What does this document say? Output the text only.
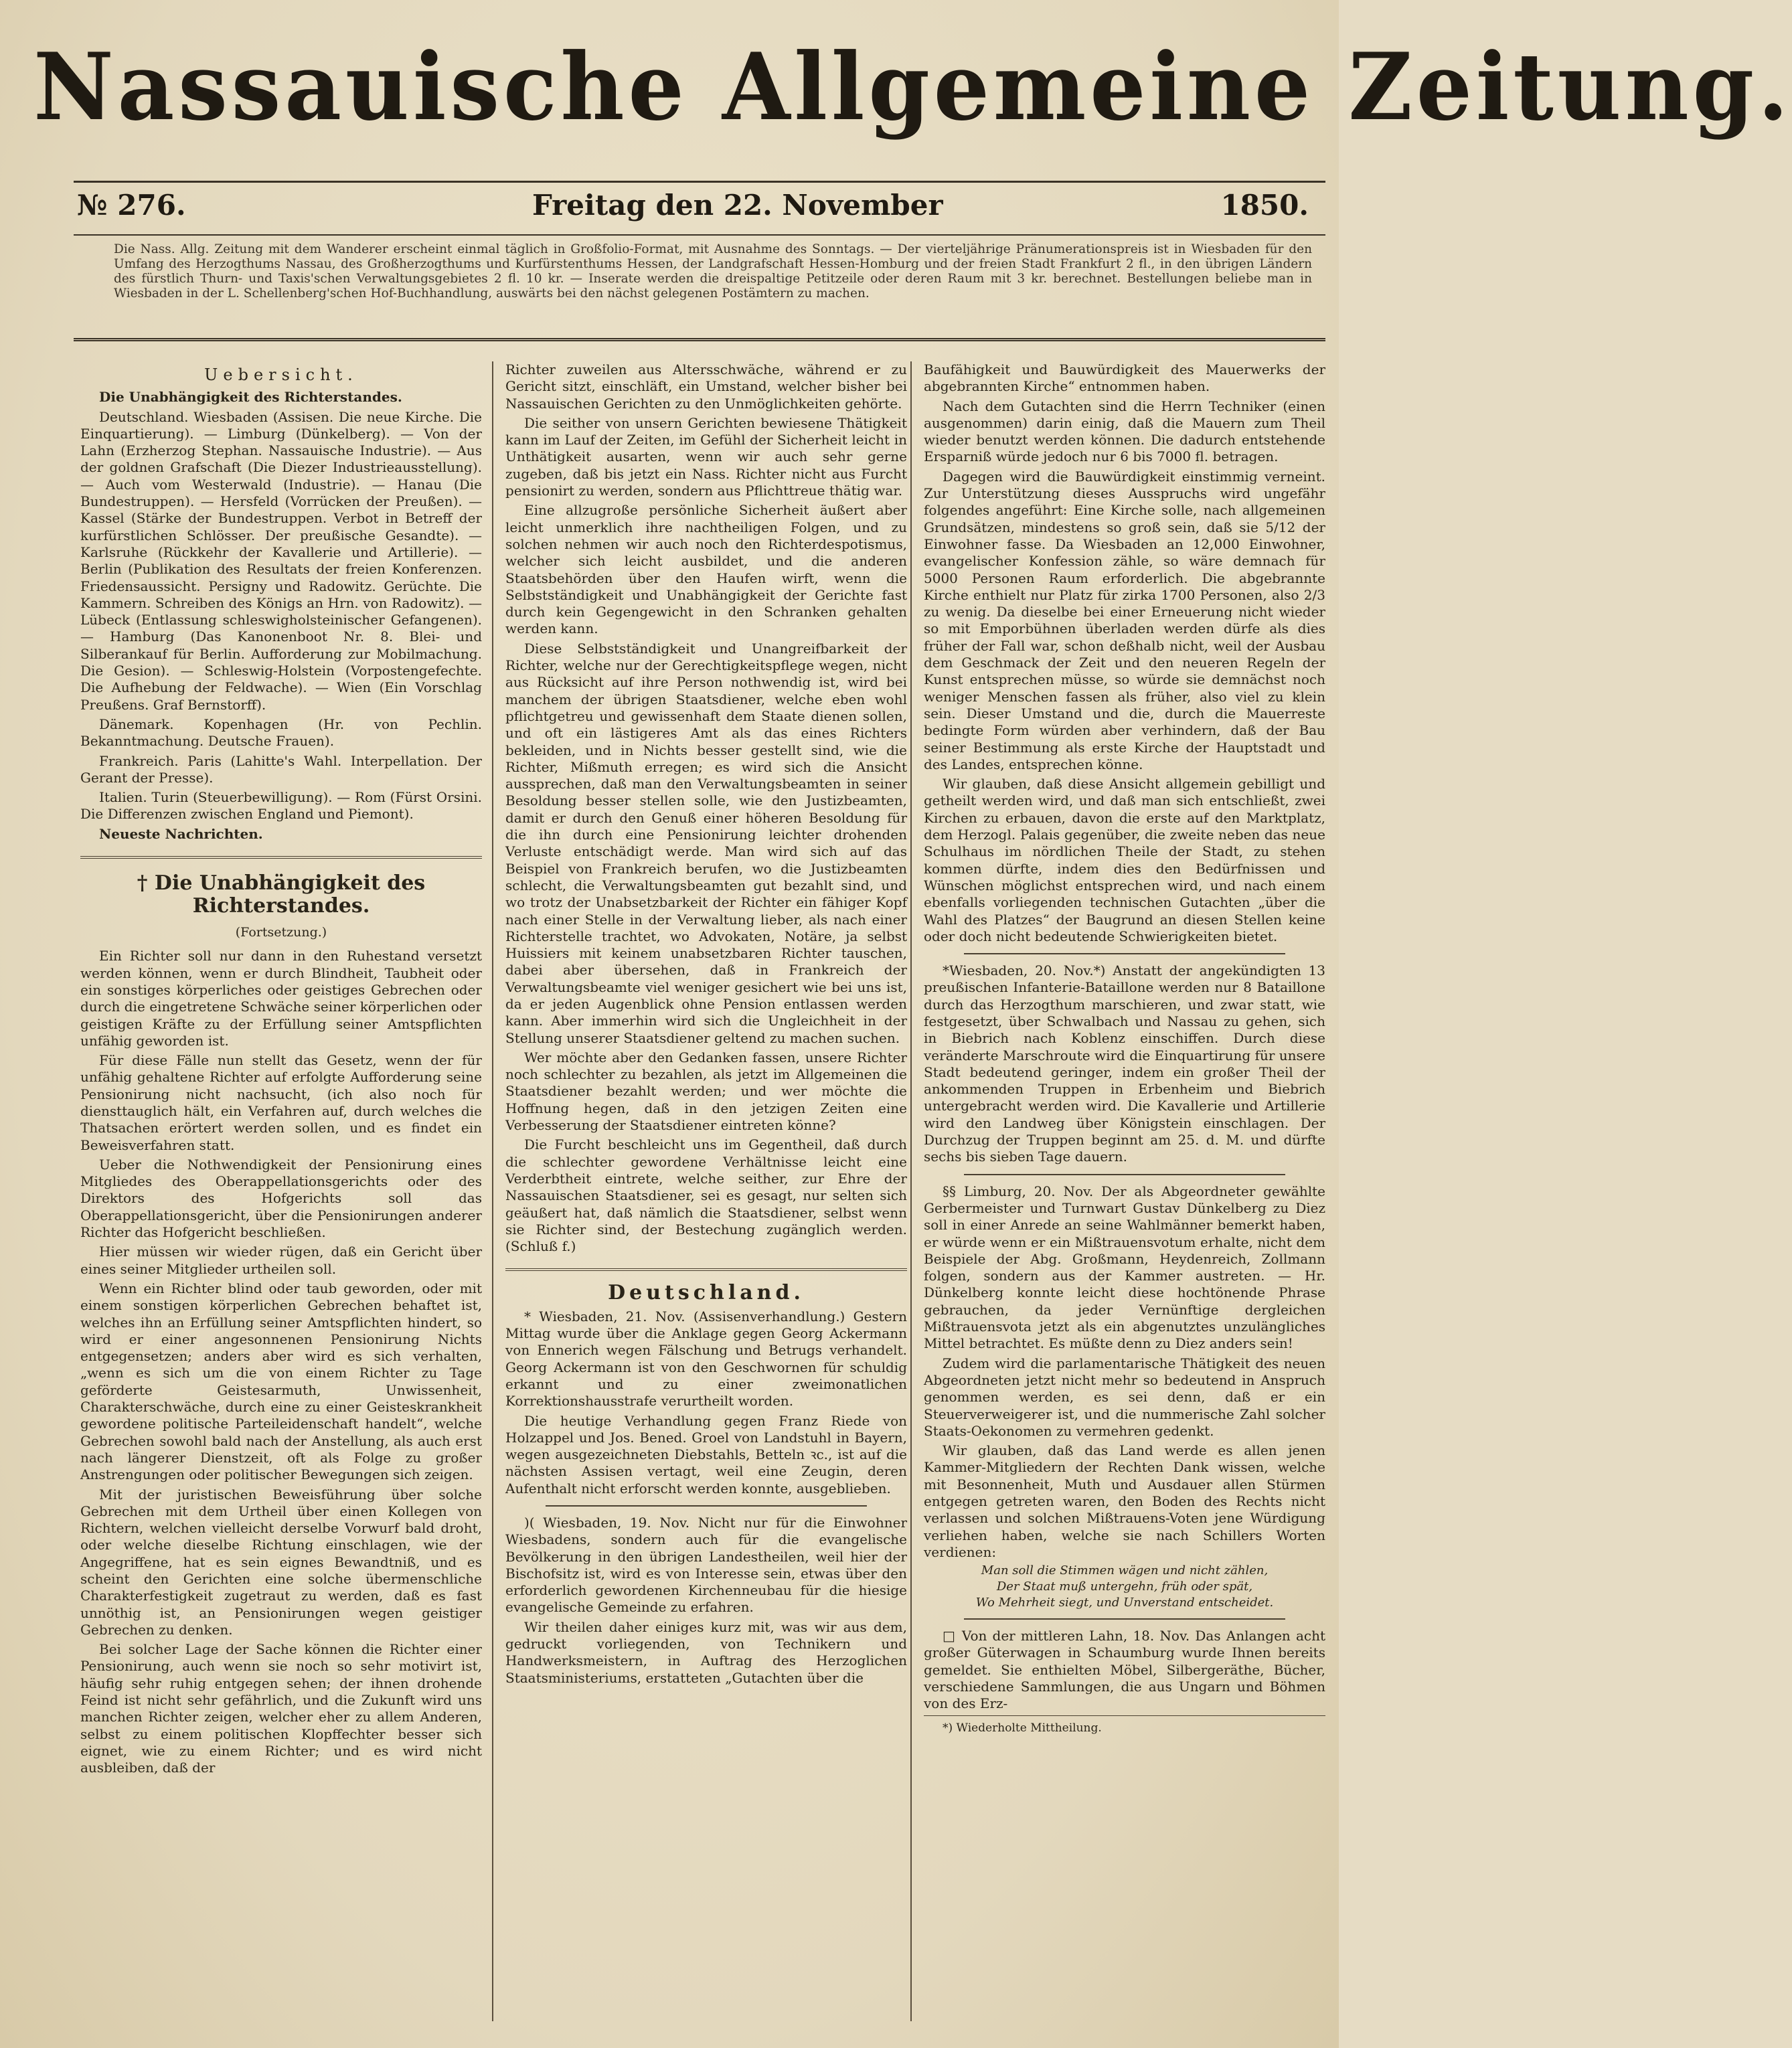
Nassauische Allgemeine Zeitung.
№ 276.	Freitag den 22. November	1850.
Die Nass. Allg. Zeitung mit dem Wanderer erscheint einmal täglich in Großfolio-Format, mit Ausnahme des Sonntags. — Der vierteljährige Pränumerationspreis ist in Wiesbaden für den Umfang des Herzogthums Nassau, des Großherzogthums und Kurfürstenthums Hessen, der Landgrafschaft Hessen-Homburg und der freien Stadt Frankfurt 2 fl., in den übrigen Ländern des fürstlich Thurn- und Taxis'schen Verwaltungsgebietes 2 fl. 10 kr. — Inserate werden die dreispaltige Petitzeile oder deren Raum mit 3 kr. berechnet. Bestellungen beliebe man in Wiesbaden in der L. Schellenberg'schen Hof-Buchhandlung, auswärts bei den nächst gelegenen Postämtern zu machen.
Uebersicht.

Die Unabhängigkeit des Richterstandes.

Deutschland. Wiesbaden (Assisen. Die neue Kirche. Die Einquartierung). — Limburg (Dünkelberg). — Von der Lahn (Erzherzog Stephan. Nassauische Industrie). — Aus der goldnen Grafschaft (Die Diezer Industrieausstellung). — Auch vom Westerwald (Industrie). — Hanau (Die Bundestruppen). — Hersfeld (Vorrücken der Preußen). — Kassel (Stärke der Bundestruppen. Verbot in Betreff der kurfürstlichen Schlösser. Der preußische Gesandte). — Karlsruhe (Rückkehr der Kavallerie und Artillerie). — Berlin (Publikation des Resultats der freien Konferenzen. Friedensaussicht. Persigny und Radowitz. Gerüchte. Die Kammern. Schreiben des Königs an Hrn. von Radowitz). — Lübeck (Entlassung schleswigholsteinischer Gefangenen). — Hamburg (Das Kanonenboot Nr. 8. Blei- und Silberankauf für Berlin. Aufforderung zur Mobilmachung. Die Gesion). — Schleswig-Holstein (Vorpostengefechte. Die Aufhebung der Feldwache). — Wien (Ein Vorschlag Preußens. Graf Bernstorff).

Dänemark. Kopenhagen (Hr. von Pechlin. Bekanntmachung. Deutsche Frauen).

Frankreich. Paris (Lahitte's Wahl. Interpellation. Der Gerant der Presse).

Italien. Turin (Steuerbewilligung). — Rom (Fürst Orsini. Die Differenzen zwischen England und Piemont).

Neueste Nachrichten.

† Die Unabhängigkeit des Richterstandes.
(Fortsetzung.)

Ein Richter soll nur dann in den Ruhestand versetzt werden können, wenn er durch Blindheit, Taubheit oder ein sonstiges körperliches oder geistiges Gebrechen oder durch die eingetretene Schwäche seiner körperlichen oder geistigen Kräfte zu der Erfüllung seiner Amtspflichten unfähig geworden ist.

Für diese Fälle nun stellt das Gesetz, wenn der für unfähig gehaltene Richter auf erfolgte Aufforderung seine Pensionirung nicht nachsucht, (ich also noch für diensttauglich hält, ein Verfahren auf, durch welches die Thatsachen erörtert werden sollen, und es findet ein Beweisverfahren statt.

Ueber die Nothwendigkeit der Pensionirung eines Mitgliedes des Oberappellationsgerichts oder des Direktors des Hofgerichts soll das Oberappellationsgericht, über die Pensionirungen anderer Richter das Hofgericht beschließen.

Hier müssen wir wieder rügen, daß ein Gericht über eines seiner Mitglieder urtheilen soll.

Wenn ein Richter blind oder taub geworden, oder mit einem sonstigen körperlichen Gebrechen behaftet ist, welches ihn an Erfüllung seiner Amtspflichten hindert, so wird er einer angesonnenen Pensionirung Nichts entgegensetzen; anders aber wird es sich verhalten, „wenn es sich um die von einem Richter zu Tage geförderte Geistesarmuth, Unwissenheit, Charakterschwäche, durch eine zu einer Geisteskrankheit gewordene politische Parteileidenschaft handelt“, welche Gebrechen sowohl bald nach der Anstellung, als auch erst nach längerer Dienstzeit, oft als Folge zu großer Anstrengungen oder politischer Bewegungen sich zeigen.

Mit der juristischen Beweisführung über solche Gebrechen mit dem Urtheil über einen Kollegen von Richtern, welchen vielleicht derselbe Vorwurf bald droht, oder welche dieselbe Richtung einschlagen, wie der Angegriffene, hat es sein eignes Bewandtniß, und es scheint den Gerichten eine solche übermenschliche Charakterfestigkeit zugetraut zu werden, daß es fast unnöthig ist, an Pensionirungen wegen geistiger Gebrechen zu denken.

Bei solcher Lage der Sache können die Richter einer Pensionirung, auch wenn sie noch so sehr motivirt ist, häufig sehr ruhig entgegen sehen; der ihnen drohende Feind ist nicht sehr gefährlich, und die Zukunft wird uns manchen Richter zeigen, welcher eher zu allem Anderen, selbst zu einem politischen Klopffechter besser sich eignet, wie zu einem Richter; und es wird nicht ausbleiben, daß der

Richter zuweilen aus Altersschwäche, während er zu Gericht sitzt, einschläft, ein Umstand, welcher bisher bei Nassauischen Gerichten zu den Unmöglichkeiten gehörte.

Die seither von unsern Gerichten bewiesene Thätigkeit kann im Lauf der Zeiten, im Gefühl der Sicherheit leicht in Unthätigkeit ausarten, wenn wir auch sehr gerne zugeben, daß bis jetzt ein Nass. Richter nicht aus Furcht pensionirt zu werden, sondern aus Pflichttreue thätig war.

Eine allzugroße persönliche Sicherheit äußert aber leicht unmerklich ihre nachtheiligen Folgen, und zu solchen nehmen wir auch noch den Richterdespotismus, welcher sich leicht ausbildet, und die anderen Staatsbehörden über den Haufen wirft, wenn die Selbstständigkeit und Unabhängigkeit der Gerichte fast durch kein Gegengewicht in den Schranken gehalten werden kann.

Diese Selbstständigkeit und Unangreifbarkeit der Richter, welche nur der Gerechtigkeitspflege wegen, nicht aus Rücksicht auf ihre Person nothwendig ist, wird bei manchem der übrigen Staatsdiener, welche eben wohl pflichtgetreu und gewissenhaft dem Staate dienen sollen, und oft ein lästigeres Amt als das eines Richters bekleiden, und in Nichts besser gestellt sind, wie die Richter, Mißmuth erregen; es wird sich die Ansicht aussprechen, daß man den Verwaltungsbeamten in seiner Besoldung besser stellen solle, wie den Justizbeamten, damit er durch den Genuß einer höheren Besoldung für die ihn durch eine Pensionirung leichter drohenden Verluste entschädigt werde. Man wird sich auf das Beispiel von Frankreich berufen, wo die Justizbeamten schlecht, die Verwaltungsbeamten gut bezahlt sind, und wo trotz der Unabsetzbarkeit der Richter ein fähiger Kopf nach einer Stelle in der Verwaltung lieber, als nach einer Richterstelle trachtet, wo Advokaten, Notäre, ja selbst Huissiers mit keinem unabsetzbaren Richter tauschen, dabei aber übersehen, daß in Frankreich der Verwaltungsbeamte viel weniger gesichert wie bei uns ist, da er jeden Augenblick ohne Pension entlassen werden kann. Aber immerhin wird sich die Ungleichheit in der Stellung unserer Staatsdiener geltend zu machen suchen.

Wer möchte aber den Gedanken fassen, unsere Richter noch schlechter zu bezahlen, als jetzt im Allgemeinen die Staatsdiener bezahlt werden; und wer möchte die Hoffnung hegen, daß in den jetzigen Zeiten eine Verbesserung der Staatsdiener eintreten könne?

Die Furcht beschleicht uns im Gegentheil, daß durch die schlechter gewordene Verhältnisse leicht eine Verderbtheit eintrete, welche seither, zur Ehre der Nassauischen Staatsdiener, sei es gesagt, nur selten sich geäußert hat, daß nämlich die Staatsdiener, selbst wenn sie Richter sind, der Bestechung zugänglich werden. (Schluß f.)

Deutschland.

* Wiesbaden, 21. Nov. (Assisenverhandlung.) Gestern Mittag wurde über die Anklage gegen Georg Ackermann von Ennerich wegen Fälschung und Betrugs verhandelt. Georg Ackermann ist von den Geschwornen für schuldig erkannt und zu einer zweimonatlichen Korrektionshausstrafe verurtheilt worden.

Die heutige Verhandlung gegen Franz Riede von Holzappel und Jos. Bened. Groel von Landstuhl in Bayern, wegen ausgezeichneten Diebstahls, Betteln ꝛc., ist auf die nächsten Assisen vertagt, weil eine Zeugin, deren Aufenthalt nicht erforscht werden konnte, ausgeblieben.

)( Wiesbaden, 19. Nov. Nicht nur für die Einwohner Wiesbadens, sondern auch für die evangelische Bevölkerung in den übrigen Landestheilen, weil hier der Bischofsitz ist, wird es von Interesse sein, etwas über den erforderlich gewordenen Kirchenneubau für die hiesige evangelische Gemeinde zu erfahren.

Wir theilen daher einiges kurz mit, was wir aus dem, gedruckt vorliegenden, von Technikern und Handwerksmeistern, in Auftrag des Herzoglichen Staatsministeriums, erstatteten „Gutachten über die

Baufähigkeit und Bauwürdigkeit des Mauerwerks der abgebrannten Kirche“ entnommen haben.

Nach dem Gutachten sind die Herrn Techniker (einen ausgenommen) darin einig, daß die Mauern zum Theil wieder benutzt werden können. Die dadurch entstehende Ersparniß würde jedoch nur 6 bis 7000 fl. betragen.

Dagegen wird die Bauwürdigkeit einstimmig verneint. Zur Unterstützung dieses Ausspruchs wird ungefähr folgendes angeführt: Eine Kirche solle, nach allgemeinen Grundsätzen, mindestens so groß sein, daß sie 5/12 der Einwohner fasse. Da Wiesbaden an 12,000 Einwohner, evangelischer Konfession zähle, so wäre demnach für 5000 Personen Raum erforderlich. Die abgebrannte Kirche enthielt nur Platz für zirka 1700 Personen, also 2/3 zu wenig. Da dieselbe bei einer Erneuerung nicht wieder so mit Emporbühnen überladen werden dürfe als dies früher der Fall war, schon deßhalb nicht, weil der Ausbau dem Geschmack der Zeit und den neueren Regeln der Kunst entsprechen müsse, so würde sie demnächst noch weniger Menschen fassen als früher, also viel zu klein sein. Dieser Umstand und die, durch die Mauerreste bedingte Form würden aber verhindern, daß der Bau seiner Bestimmung als erste Kirche der Hauptstadt und des Landes, entsprechen könne.

Wir glauben, daß diese Ansicht allgemein gebilligt und getheilt werden wird, und daß man sich entschließt, zwei Kirchen zu erbauen, davon die erste auf den Marktplatz, dem Herzogl. Palais gegenüber, die zweite neben das neue Schulhaus im nördlichen Theile der Stadt, zu stehen kommen dürfte, indem dies den Bedürfnissen und Wünschen möglichst entsprechen wird, und nach einem ebenfalls vorliegenden technischen Gutachten „über die Wahl des Platzes“ der Baugrund an diesen Stellen keine oder doch nicht bedeutende Schwierigkeiten bietet.

*Wiesbaden, 20. Nov.*) Anstatt der angekündigten 13 preußischen Infanterie-Bataillone werden nur 8 Bataillone durch das Herzogthum marschieren, und zwar statt, wie festgesetzt, über Schwalbach und Nassau zu gehen, sich in Biebrich nach Koblenz einschiffen. Durch diese veränderte Marschroute wird die Einquartirung für unsere Stadt bedeutend geringer, indem ein großer Theil der ankommenden Truppen in Erbenheim und Biebrich untergebracht werden wird. Die Kavallerie und Artillerie wird den Landweg über Königstein einschlagen. Der Durchzug der Truppen beginnt am 25. d. M. und dürfte sechs bis sieben Tage dauern.

§§ Limburg, 20. Nov. Der als Abgeordneter gewählte Gerbermeister und Turnwart Gustav Dünkelberg zu Diez soll in einer Anrede an seine Wahlmänner bemerkt haben, er würde wenn er ein Mißtrauensvotum erhalte, nicht dem Beispiele der Abg. Großmann, Heydenreich, Zollmann folgen, sondern aus der Kammer austreten. — Hr. Dünkelberg konnte leicht diese hochtönende Phrase gebrauchen, da jeder Vernünftige dergleichen Mißtrauensvota jetzt als ein abgenutztes unzulängliches Mittel betrachtet. Es müßte denn zu Diez anders sein!

Zudem wird die parlamentarische Thätigkeit des neuen Abgeordneten jetzt nicht mehr so bedeutend in Anspruch genommen werden, es sei denn, daß er ein Steuerverweigerer ist, und die nummerische Zahl solcher Staats-Oekonomen zu vermehren gedenkt.

Wir glauben, daß das Land werde es allen jenen Kammer-Mitgliedern der Rechten Dank wissen, welche mit Besonnenheit, Muth und Ausdauer allen Stürmen entgegen getreten waren, den Boden des Rechts nicht verlassen und solchen Mißtrauens-Voten jene Würdigung verliehen haben, welche sie nach Schillers Worten verdienen:

Man soll die Stimmen wägen und nicht zählen,
Der Staat muß untergehn, früh oder spät,
Wo Mehrheit siegt, und Unverstand entscheidet.

□ Von der mittleren Lahn, 18. Nov. Das Anlangen acht großer Güterwagen in Schaumburg wurde Ihnen bereits gemeldet. Sie enthielten Möbel, Silbergeräthe, Bücher, verschiedene Sammlungen, die aus Ungarn und Böhmen von des Erz-

*) Wiederholte Mittheilung.
